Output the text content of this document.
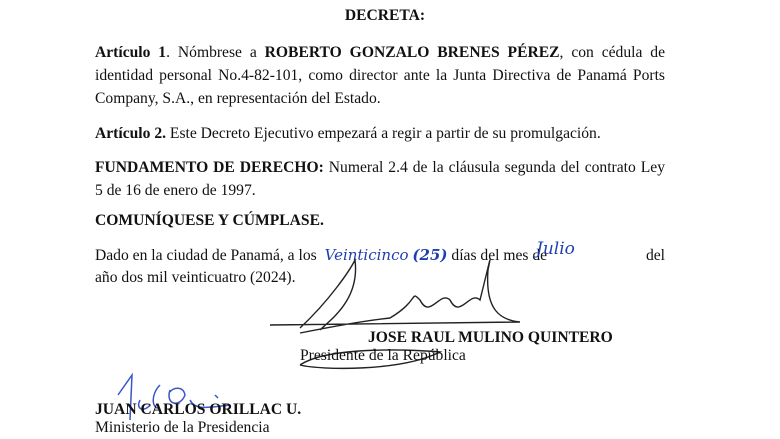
DECRETA:
Artículo 1. Nómbrese a ROBERTO GONZALO BRENES PÉREZ, con cédula de identidad personal No.4-82-101, como director ante la Junta Directiva de Panamá Ports Company, S.A., en representación del Estado.
Artículo 2. Este Decreto Ejecutivo empezará a regir a partir de su promulgación.
FUNDAMENTO DE DERECHO: Numeral 2.4 de la cláusula segunda del contrato Ley 5 de 16 de enero de 1997.
COMUNÍQUESE Y CÚMPLASE.
Dado en la ciudad de Panamá, a los Veinticinco (25) días del mes de
Julio	del
año dos mil veinticuatro (2024).
JOSE RAUL MULINO QUINTERO
Presidente de la República
JUAN CARLOS ORILLAC U.
Ministerio de la Presidencia
